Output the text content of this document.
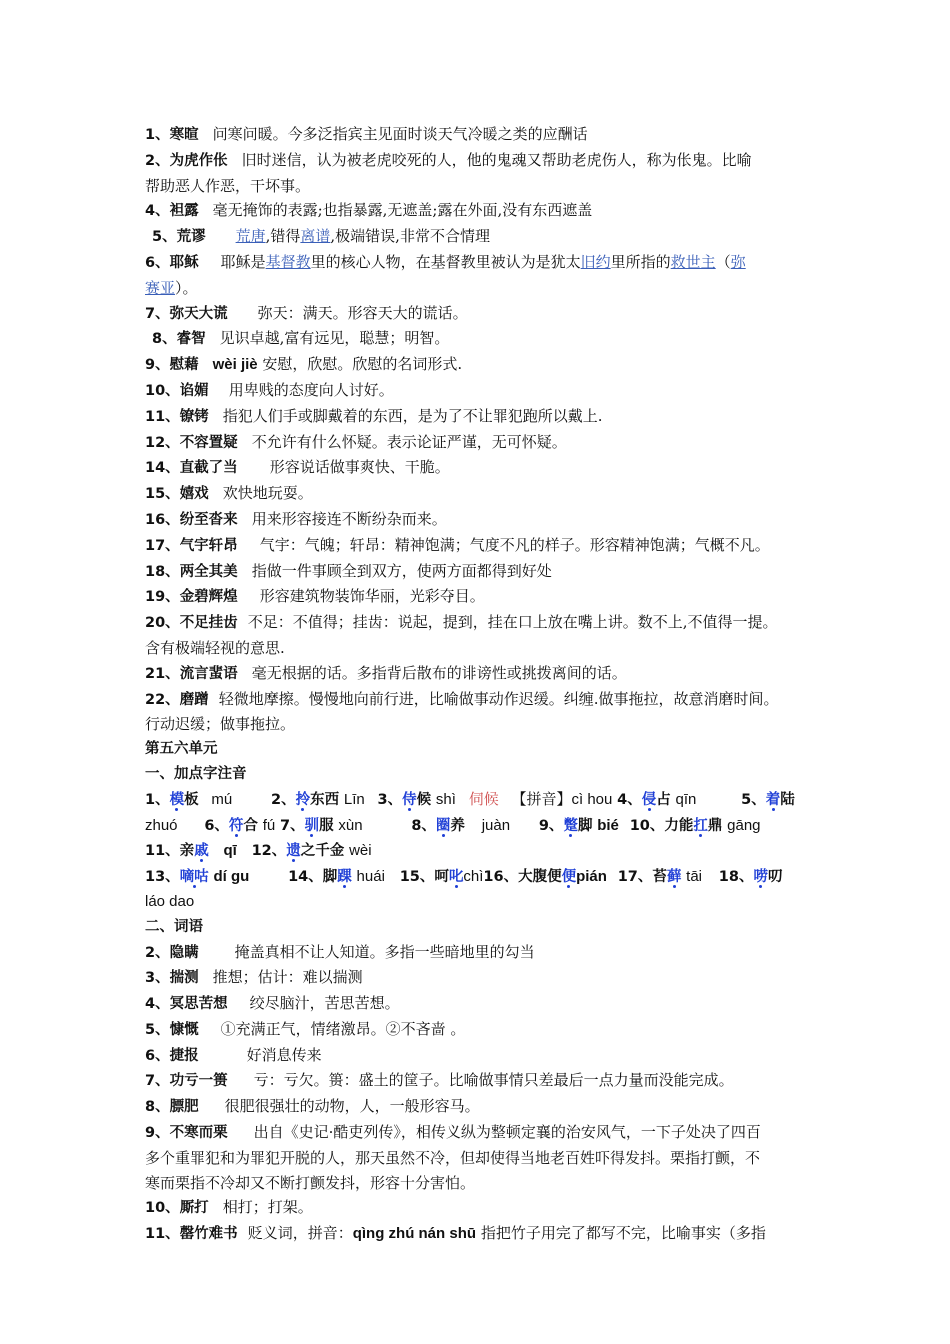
1、寒暄 问寒问暖。今多泛指宾主见面时谈天气冷暖之类的应酬话
2、为虎作伥 旧时迷信，认为被老虎咬死的人，他的鬼魂又帮助老虎伤人，称为伥鬼。比喻
帮助恶人作恶，干坏事。
4、袒露 毫无掩饰的表露;也指暴露,无遮盖;露在外面,没有东西遮盖
5、荒谬 荒唐,错得离谱,极端错误,非常不合情理
6、耶稣 耶稣是基督教里的核心人物，在基督教里被认为是犹太旧约里所指的救世主（弥
赛亚）。
7、弥天大谎 弥天：满天。形容天大的谎话。
8、睿智 见识卓越,富有远见，聪慧；明智。
9、慰藉 wèi jiè 安慰，欣慰。欣慰的名词形式.
10、谄媚 用卑贱的态度向人讨好。
11、镣铐 指犯人们手或脚戴着的东西，是为了不让罪犯跑所以戴上.
12、不容置疑 不允许有什么怀疑。表示论证严谨，无可怀疑。
14、直截了当 形容说话做事爽快、干脆。
15、嬉戏 欢快地玩耍。
16、纷至沓来 用来形容接连不断纷杂而来。
17、气宇轩昂 气宇：气魄；轩昂：精神饱满；气度不凡的样子。形容精神饱满；气概不凡。
18、两全其美 指做一件事顾全到双方，使两方面都得到好处
19、金碧辉煌 形容建筑物装饰华丽，光彩夺目。
20、不足挂齿 不足：不值得；挂齿：说起，提到，挂在口上放在嘴上讲。数不上,不值得一提。
含有极端轻视的意思.
21、流言蜚语 毫无根据的话。多指背后散布的诽谤性或挑拨离间的话。
22、磨蹭 轻微地摩擦。慢慢地向前行进，比喻做事动作迟缓。纠缠.做事拖拉，故意消磨时间。
行动迟缓；做事拖拉。
第五六单元
一、加点字注音
1、模板 mú	2、拎东西 Līn 3、侍候 shì 伺候 【拼音】cì hou 4、侵占 qīn	5、着陆
zhuó 6、符合 fú 7、驯服 xùn	8、圈养 juàn 9、蹩脚 bié 10、力能扛鼎 gāng
11、亲戚 qī 12、遗之千金 wèi
13、嘀咕 dí gu	14、脚踝 huái 15、呵叱chì16、大腹便便pián 17、苔藓 tāi 18、唠叨
láo dao
二、词语
2、隐瞒 掩盖真相不让人知道。多指一些暗地里的勾当
3、揣测 推想；估计：难以揣测
4、冥思苦想 绞尽脑汁，苦思苦想。
5、慷慨 ①充满正气，情绪激昂。②不吝啬 。
6、捷报	好消息传来
7、功亏一篑 亏：亏欠。篑：盛土的筐子。比喻做事情只差最后一点力量而没能完成。
8、膘肥 很肥很强壮的动物，人，一般形容马。
9、不寒而栗 出自《史记·酷吏列传》，相传义纵为整顿定襄的治安风气，一下子处决了四百
多个重罪犯和为罪犯开脱的人，那天虽然不冷，但却使得当地老百姓吓得发抖。栗指打颤，不
寒而栗指不冷却又不断打颤发抖，形容十分害怕。
10、厮打 相打；打架。
11、罄竹难书 贬义词，拼音：qìng zhú nán shū 指把竹子用完了都写不完，比喻事实（多指
